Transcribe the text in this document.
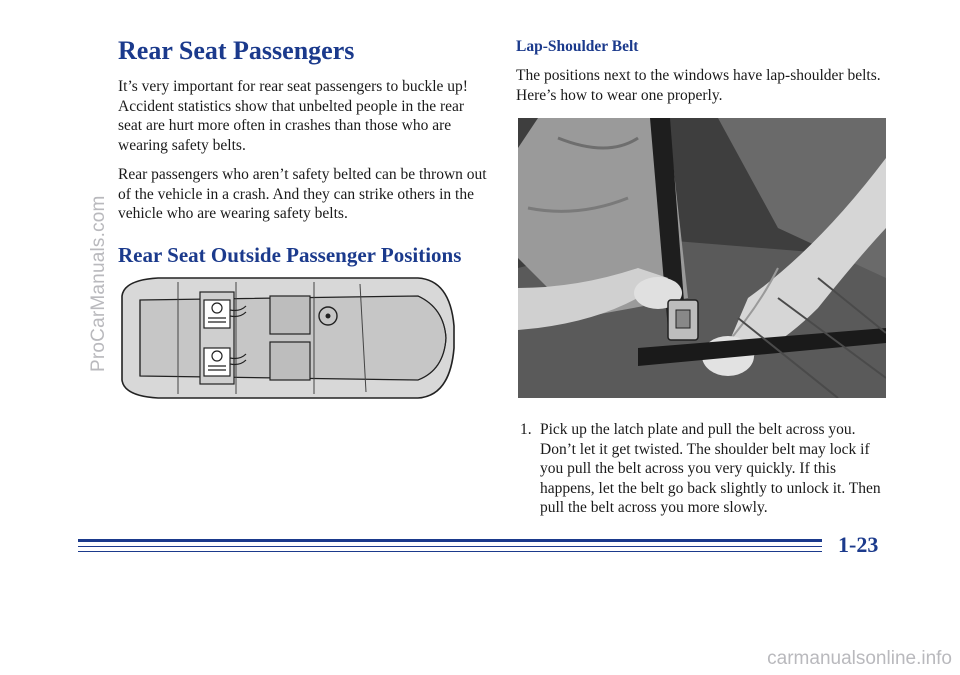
ProCarManuals.com
Rear Seat Passengers

It’s very important for rear seat passengers to buckle up! Accident statistics show that unbelted people in the rear seat are hurt more often in crashes than those who are wearing safety belts.

Rear passengers who aren’t safety belted can be thrown out of the vehicle in a crash. And they can strike others in the vehicle who are wearing safety belts.

Rear Seat Outside Passenger Positions
Lap-Shoulder Belt

The positions next to the windows have lap-shoulder belts. Here’s how to wear one properly.

1. Pick up the latch plate and pull the belt across you. Don’t let it get twisted. The shoulder belt may lock if you pull the belt across you very quickly. If this happens, let the belt go back slightly to unlock it. Then pull the belt across you more slowly.
1-23
carmanualsonline.info
